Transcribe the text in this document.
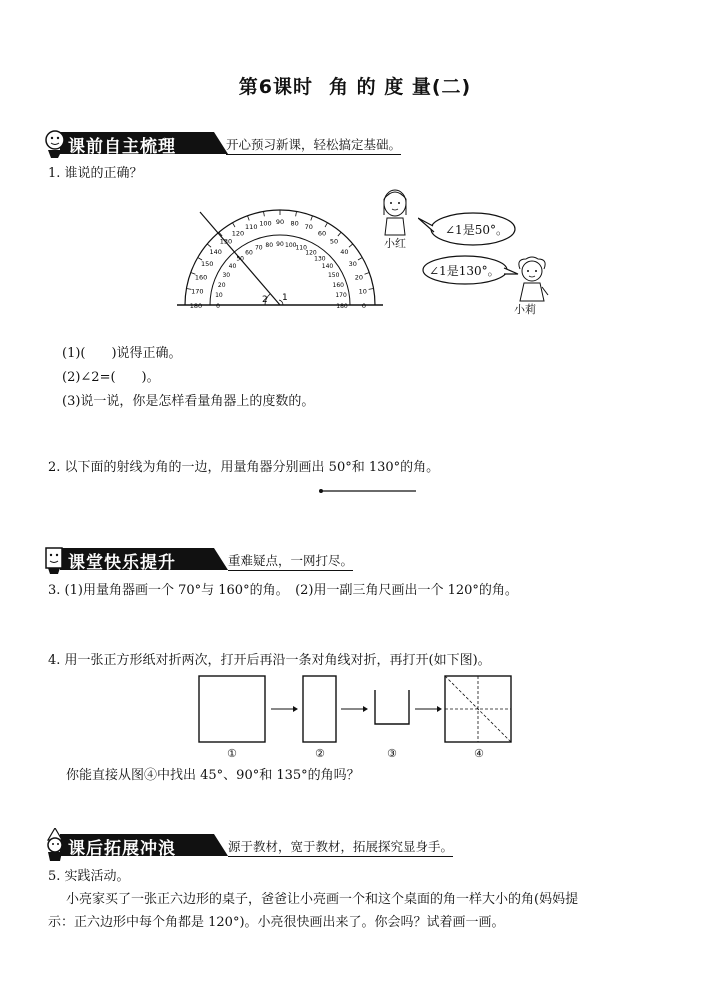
第6课时 角 的 度 量(二)
课前自主梳理	开心预习新课，轻松搞定基础。
1. 谁说的正确？
180 0
170
10
160
20
150
30
140
40
130
50
120
60
110
70
100
80
90
90
80
100
70
110
60
120
50
130
40
140 30
150 20
160
10
170
0
180
2 1
小红
∠1是50°。
∠1是130°。
小莉
(1)(　　)说得正确。
(2)∠2=(　　)。
(3)说一说，你是怎样看量角器上的度数的。
2. 以下面的射线为角的一边，用量角器分别画出 50°和 130°的角。
课堂快乐提升	重难疑点，一网打尽。
3. (1)用量角器画一个 70°与 160°的角。　(2)用一副三角尺画出一个 120°的角。
4. 用一张正方形纸对折两次，打开后再沿一条对角线对折，再打开(如下图)。
①	②	③	④
你能直接从图④中找出 45°、90°和 135°的角吗？
课后拓展冲浪	源于教材，宽于教材，拓展探究显身手。
5. 实践活动。
小亮家买了一张正六边形的桌子，爸爸让小亮画一个和这个桌面的角一样大小的角(妈妈提
示：正六边形中每个角都是 120°)。小亮很快画出来了。你会吗？试着画一画。
